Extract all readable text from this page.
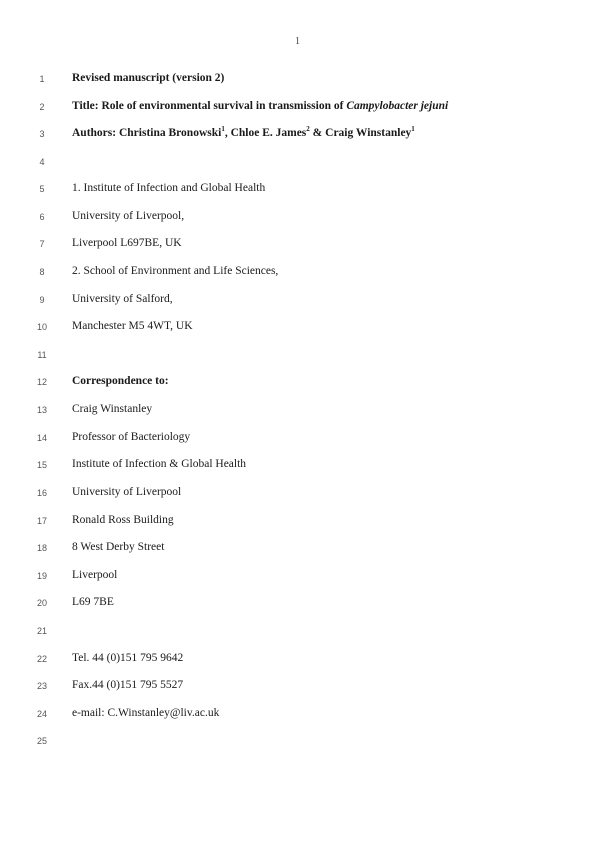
1
1	Revised manuscript (version 2)
2	Title: Role of environmental survival in transmission of Campylobacter jejuni
3	Authors: Christina Bronowski$^1$, Chloe E. James$^2$ & Craig Winstanley$^1$
4
5	1. Institute of Infection and Global Health
6	University of Liverpool,
7	Liverpool L697BE, UK
8	2. School of Environment and Life Sciences,
9	University of Salford,
10	Manchester M5 4WT, UK
11
12	Correspondence to:
13	Craig Winstanley
14	Professor of Bacteriology
15	Institute of Infection & Global Health
16	University of Liverpool
17	Ronald Ross Building
18	8 West Derby Street
19	Liverpool
20	L69 7BE
21
22	Tel. 44 (0)151 795 9642
23	Fax.44 (0)151 795 5527
24	e-mail: C.Winstanley@liv.ac.uk
25
